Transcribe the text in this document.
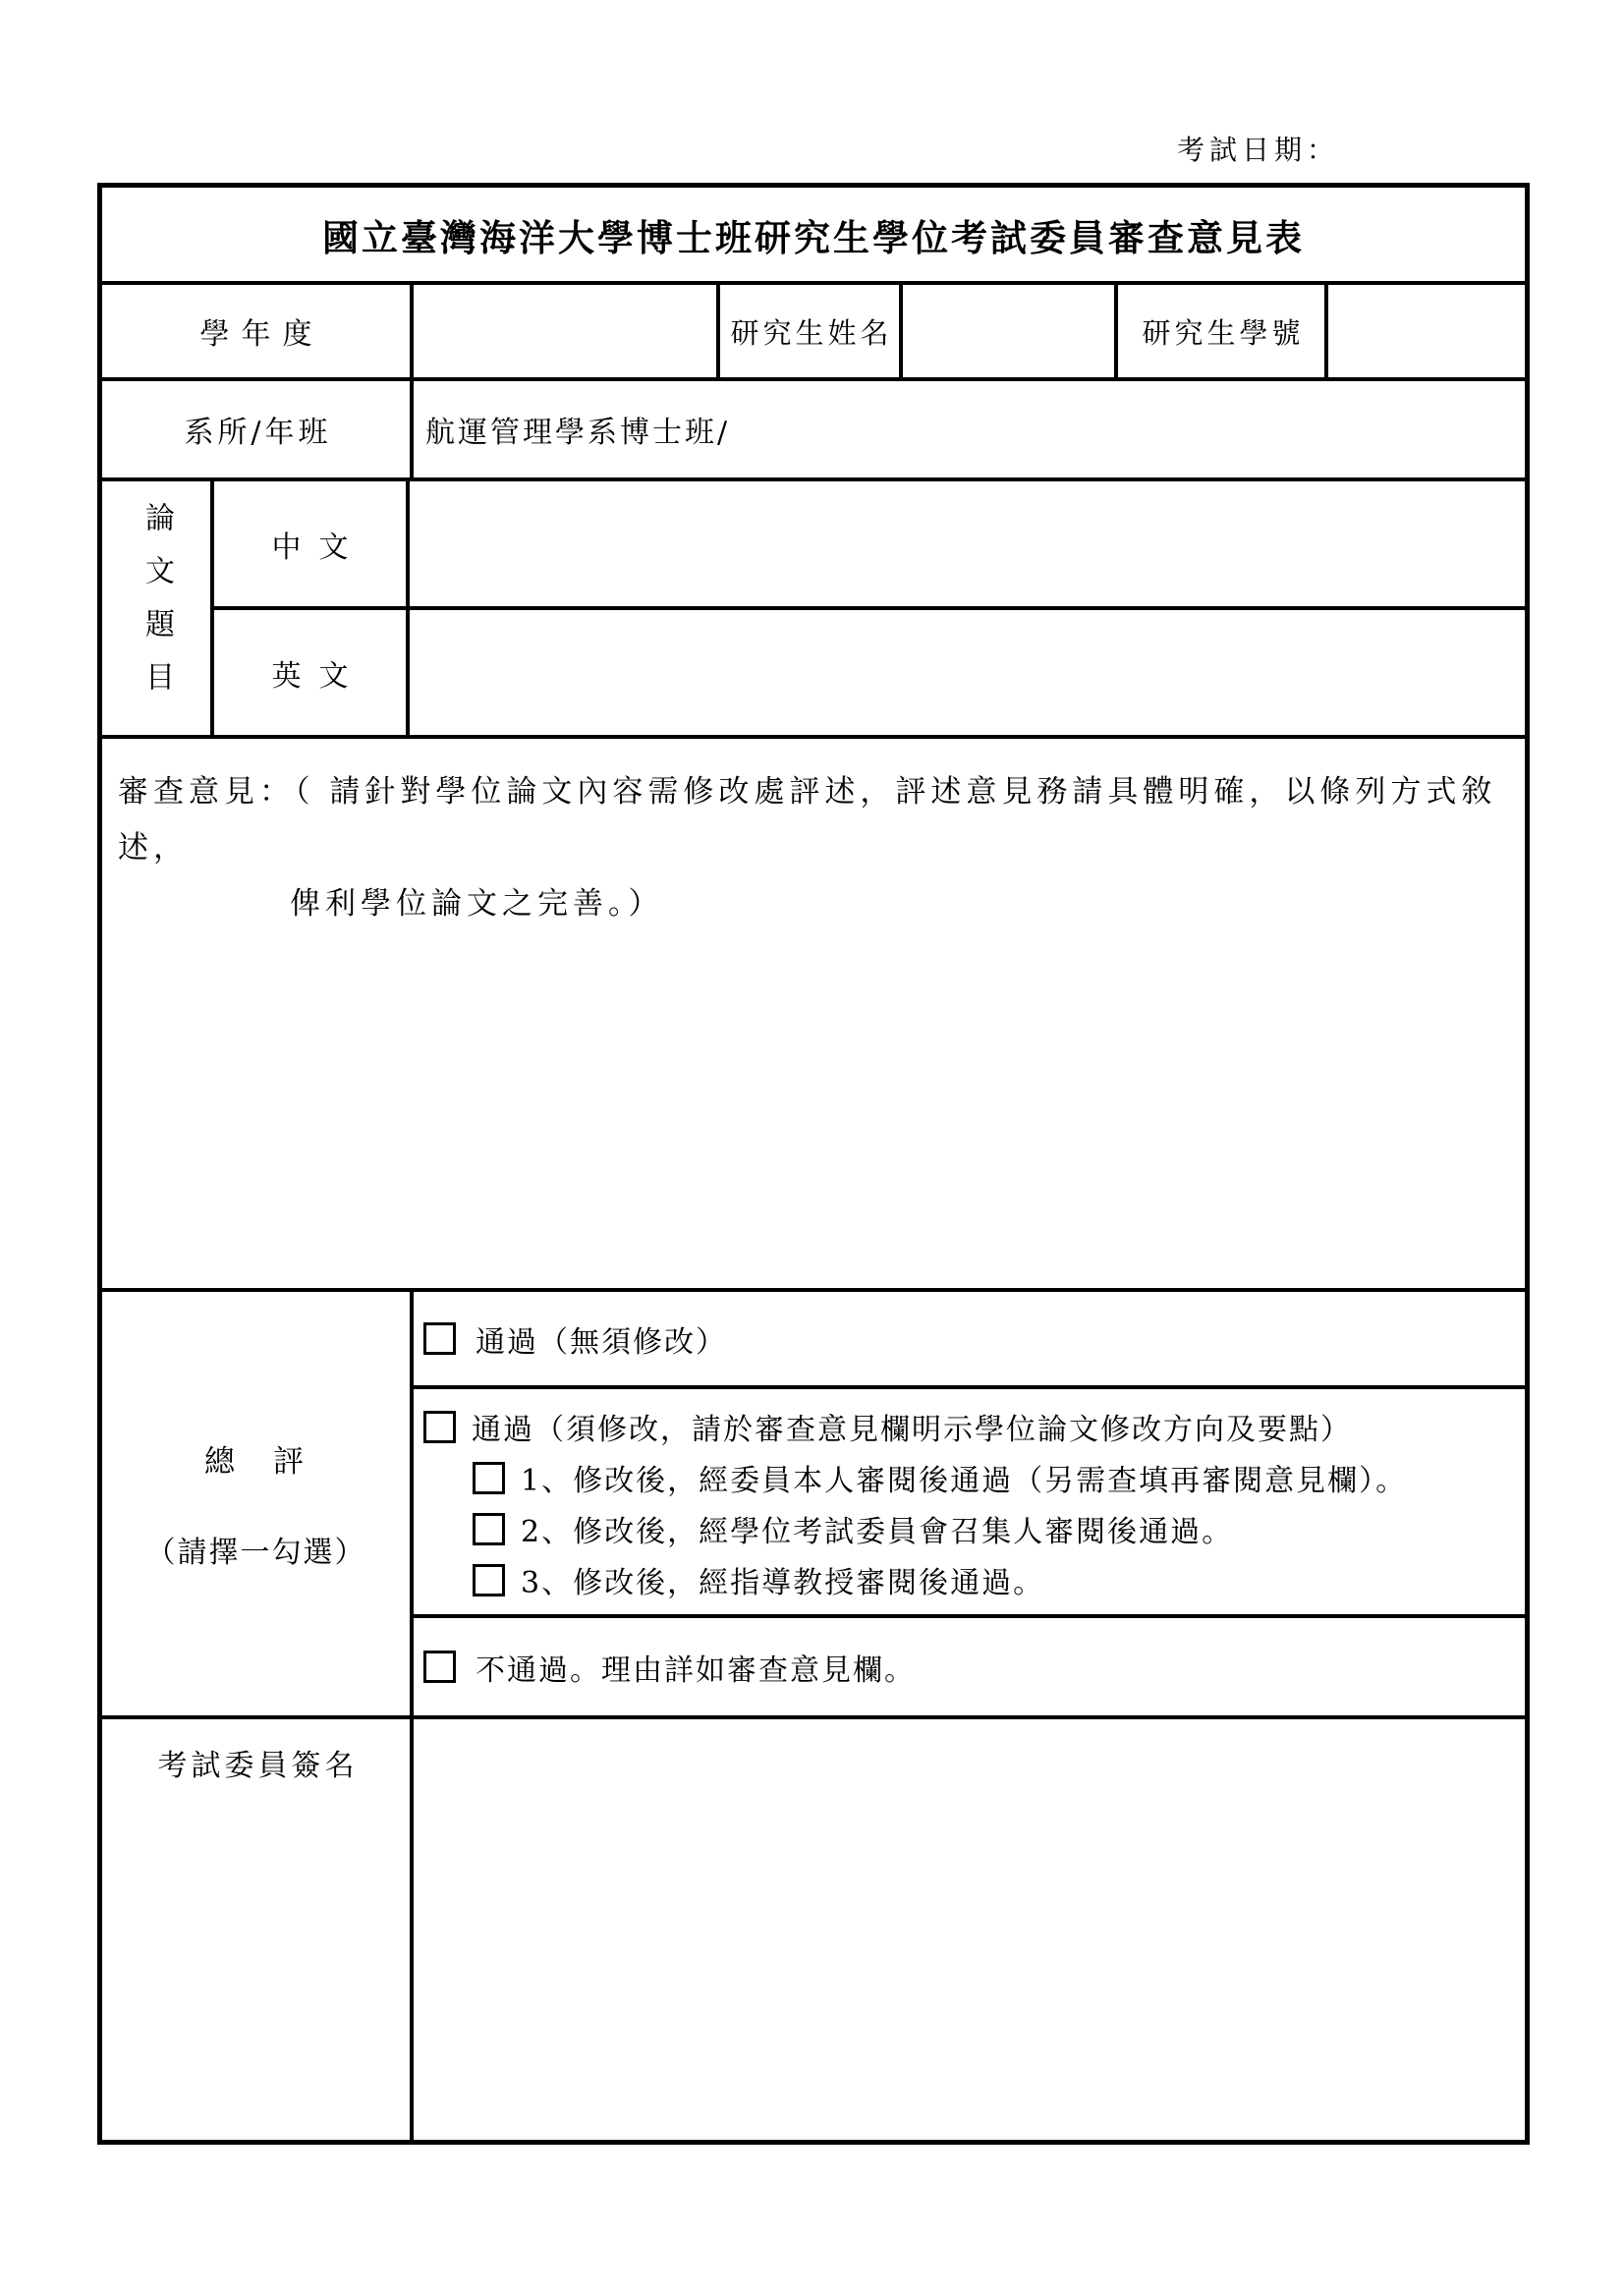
考試日期：
國立臺灣海洋大學博士班研究生學位考試委員審查意見表
學年度	研究生姓名	研究生學號
系所/年班	航運管理學系博士班/
論文題目	中文
英文
審查意見：（ 請針對學位論文內容需修改處評述，評述意見務請具體明確，以條列方式敘述，
俾利學位論文之完善。）
總　評
（請擇一勾選）
通過（無須修改）
通過（須修改，請於審查意見欄明示學位論文修改方向及要點）
1、修改後，經委員本人審閱後通過（另需查填再審閱意見欄）。
2、修改後，經學位考試委員會召集人審閱後通過。
3、修改後，經指導教授審閱後通過。
不通過。理由詳如審查意見欄。
考試委員簽名
